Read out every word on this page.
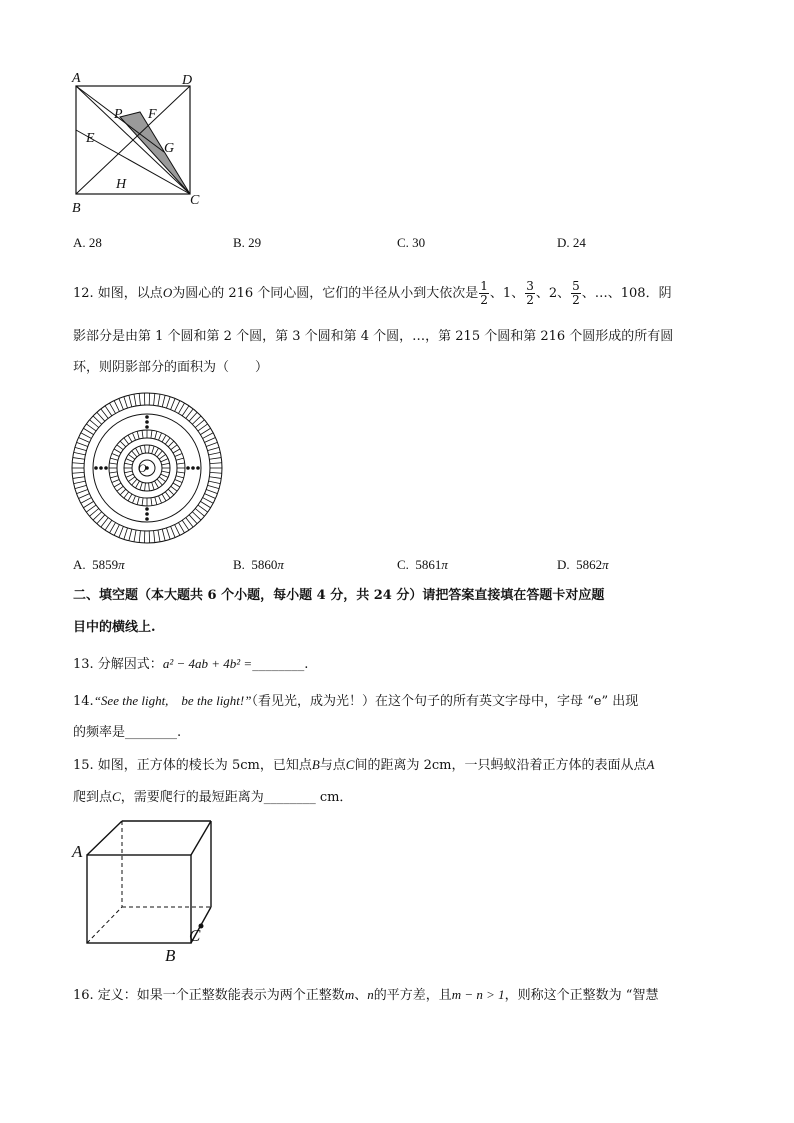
A	D
B
C
P F
E
G
H
A. 28	B. 29	C. 30	D. 24
12. 如图，以点O为圆心的 216 个同心圆，它们的半径从小到大依次是 $\frac{1}{2}$ 、1、 $\frac{3}{2}$ 、2、 $\frac{5}{2}$ 、…、108．阴
影部分是由第 1 个圆和第 2 个圆，第 3 个圆和第 4 个圆，…，第 215 个圆和第 216 个圆形成的所有圆
环，则阴影部分的面积为（　　）
O
A. 5859π	B. 5860π	C. 5861π	D. 5862π
二、填空题（本大题共 6 个小题，每小题 4 分，共 24 分）请把答案直接填在答题卡对应题
目中的横线上.
13. 分解因式：a² − 4ab + 4b² =________.
14.“See the light,　be the light!”（看见光，成为光！）在这个句子的所有英文字母中，字母 “e” 出现
的频率是________.
15. 如图，正方体的棱长为 5cm，已知点B与点C间的距离为 2cm，一只蚂蚁沿着正方体的表面从点A
爬到点C，需要爬行的最短距离为________ cm．
A
B
C
16. 定义：如果一个正整数能表示为两个正整数m、n的平方差，且m − n > 1，则称这个正整数为 “智慧
